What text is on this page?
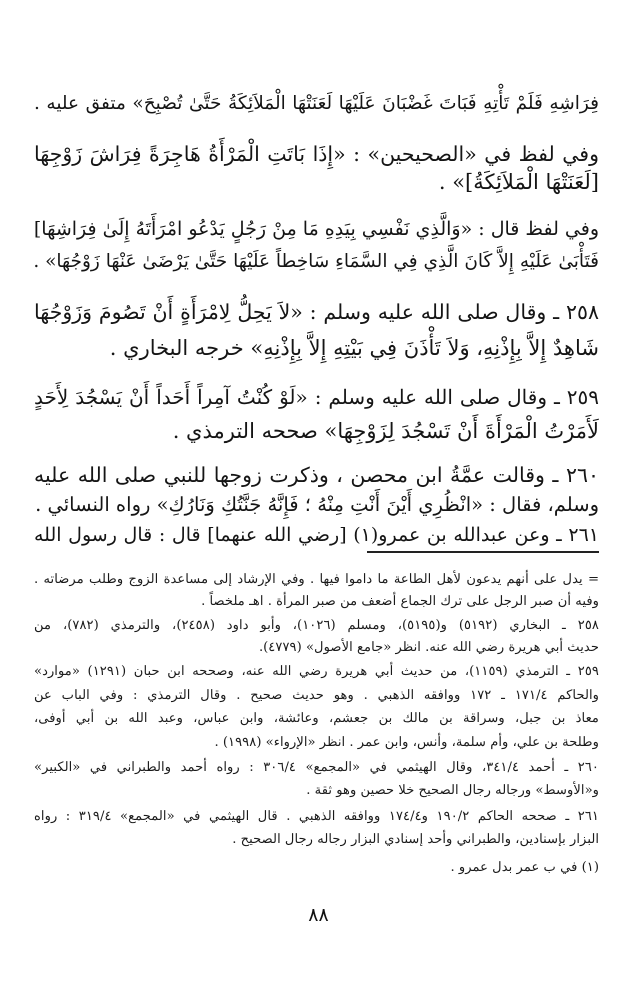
فِرَاشِهِ فَلَمْ تَأْتِهِ فَبَاتَ غَضْبَانَ عَلَيْهَا لَعَنَتْهَا الْمَلاَئِكَةُ حَتَّىٰ تُصْبِحَ» متفق عليه .
وفي لفظ في «الصحيحين» : «إِذَا بَاتَتِ الْمَرْأَةُ هَاجِرَةً فِرَاشَ زَوْجِهَا
[لَعَنَتْهَا الْمَلاَئِكَةُ]» .
وفي لفظ قال : «وَالَّذِي نَفْسِي بِيَدِهِ مَا مِنْ رَجُلٍ يَدْعُو امْرَأَتَهُ إِلَىٰ فِرَاشِهَا]
فَتَأْبَىٰ عَلَيْهِ إِلاَّ كَانَ الَّذِي فِي السَّمَاءِ سَاخِطاً عَلَيْهَا حَتَّىٰ يَرْضَىٰ عَنْهَا زَوْجُهَا» .
٢٥٨ ـ وقال صلى الله عليه وسلم : «لاَ يَحِلُّ لِامْرَأَةٍ أَنْ تَصُومَ وَزَوْجُهَا
شَاهِدٌ إِلاَّ بِإِذْنِهِ، وَلاَ تَأْذَنَ فِي بَيْتِهِ إِلاَّ بِإِذْنِهِ» خرجه البخاري .
٢٥٩ ـ وقال صلى الله عليه وسلم : «لَوْ كُنْتُ آمِراً أَحَداً أَنْ يَسْجُدَ لِأَحَدٍ
لَأَمَرْتُ الْمَرْأَةَ أَنْ تَسْجُدَ لِزَوْجِهَا» صححه الترمذي .
٢٦٠ ـ وقالت عمَّةُ ابن محصن ، وذكرت زوجها للنبي صلى الله عليه
وسلم، فقال : «انْظُرِي أَيْنَ أَنْتِ مِنْهُ ؛ فَإِنَّهُ جَنَّتُكِ وَنَارُكِ» رواه النسائي .
٢٦١ ـ وعن عبدالله بن عمرو(١) [رضي الله عنهما] قال : قال رسول الله
= يدل على أنهم يدعون لأهل الطاعة ما داموا فيها . وفي الإرشاد إلى مساعدة الزوج وطلب مرضاته .
وفيه أن صبر الرجل على ترك الجماع أضعف من صبر المرأة . اهـ ملخصاً .
٢٥٨ ـ البخاري (٥١٩٢) و(٥١٩٥)، ومسلم (١٠٢٦)، وأبو داود (٢٤٥٨)، والترمذي (٧٨٢)، من
حديث أبي هريرة رضي الله عنه. انظر «جامع الأصول» (٤٧٧٩).
٢٥٩ ـ الترمذي (١١٥٩)، من حديث أبي هريرة رضي الله عنه، وصححه ابن حبان (١٢٩١) «موارد»
والحاكم ١٧١/٤ ـ ١٧٢ ووافقه الذهبي . وهو حديث صحيح . وقال الترمذي : وفي الباب عن
معاذ بن جبل، وسراقة بن مالك بن جعشم، وعائشة، وابن عباس، وعبد الله بن أبي أوفى،
وطلحة بن علي، وأم سلمة، وأنس، وابن عمر . انظر «الإرواء» (١٩٩٨) .
٢٦٠ ـ أحمد ٣٤١/٤، وقال الهيثمي في «المجمع» ٣٠٦/٤ : رواه أحمد والطبراني في «الكبير»
و«الأوسط» ورجاله رجال الصحيح خلا حصين وهو ثقة .
٢٦١ ـ صححه الحاكم ١٩٠/٢ و١٧٤/٤ ووافقه الذهبي . قال الهيثمي في «المجمع» ٣١٩/٤ : رواه
البزار بإسنادين، والطبراني وأحد إسنادي البزار رجاله رجال الصحيح .
(١) في ب عمر بدل عمرو .
٨٨
